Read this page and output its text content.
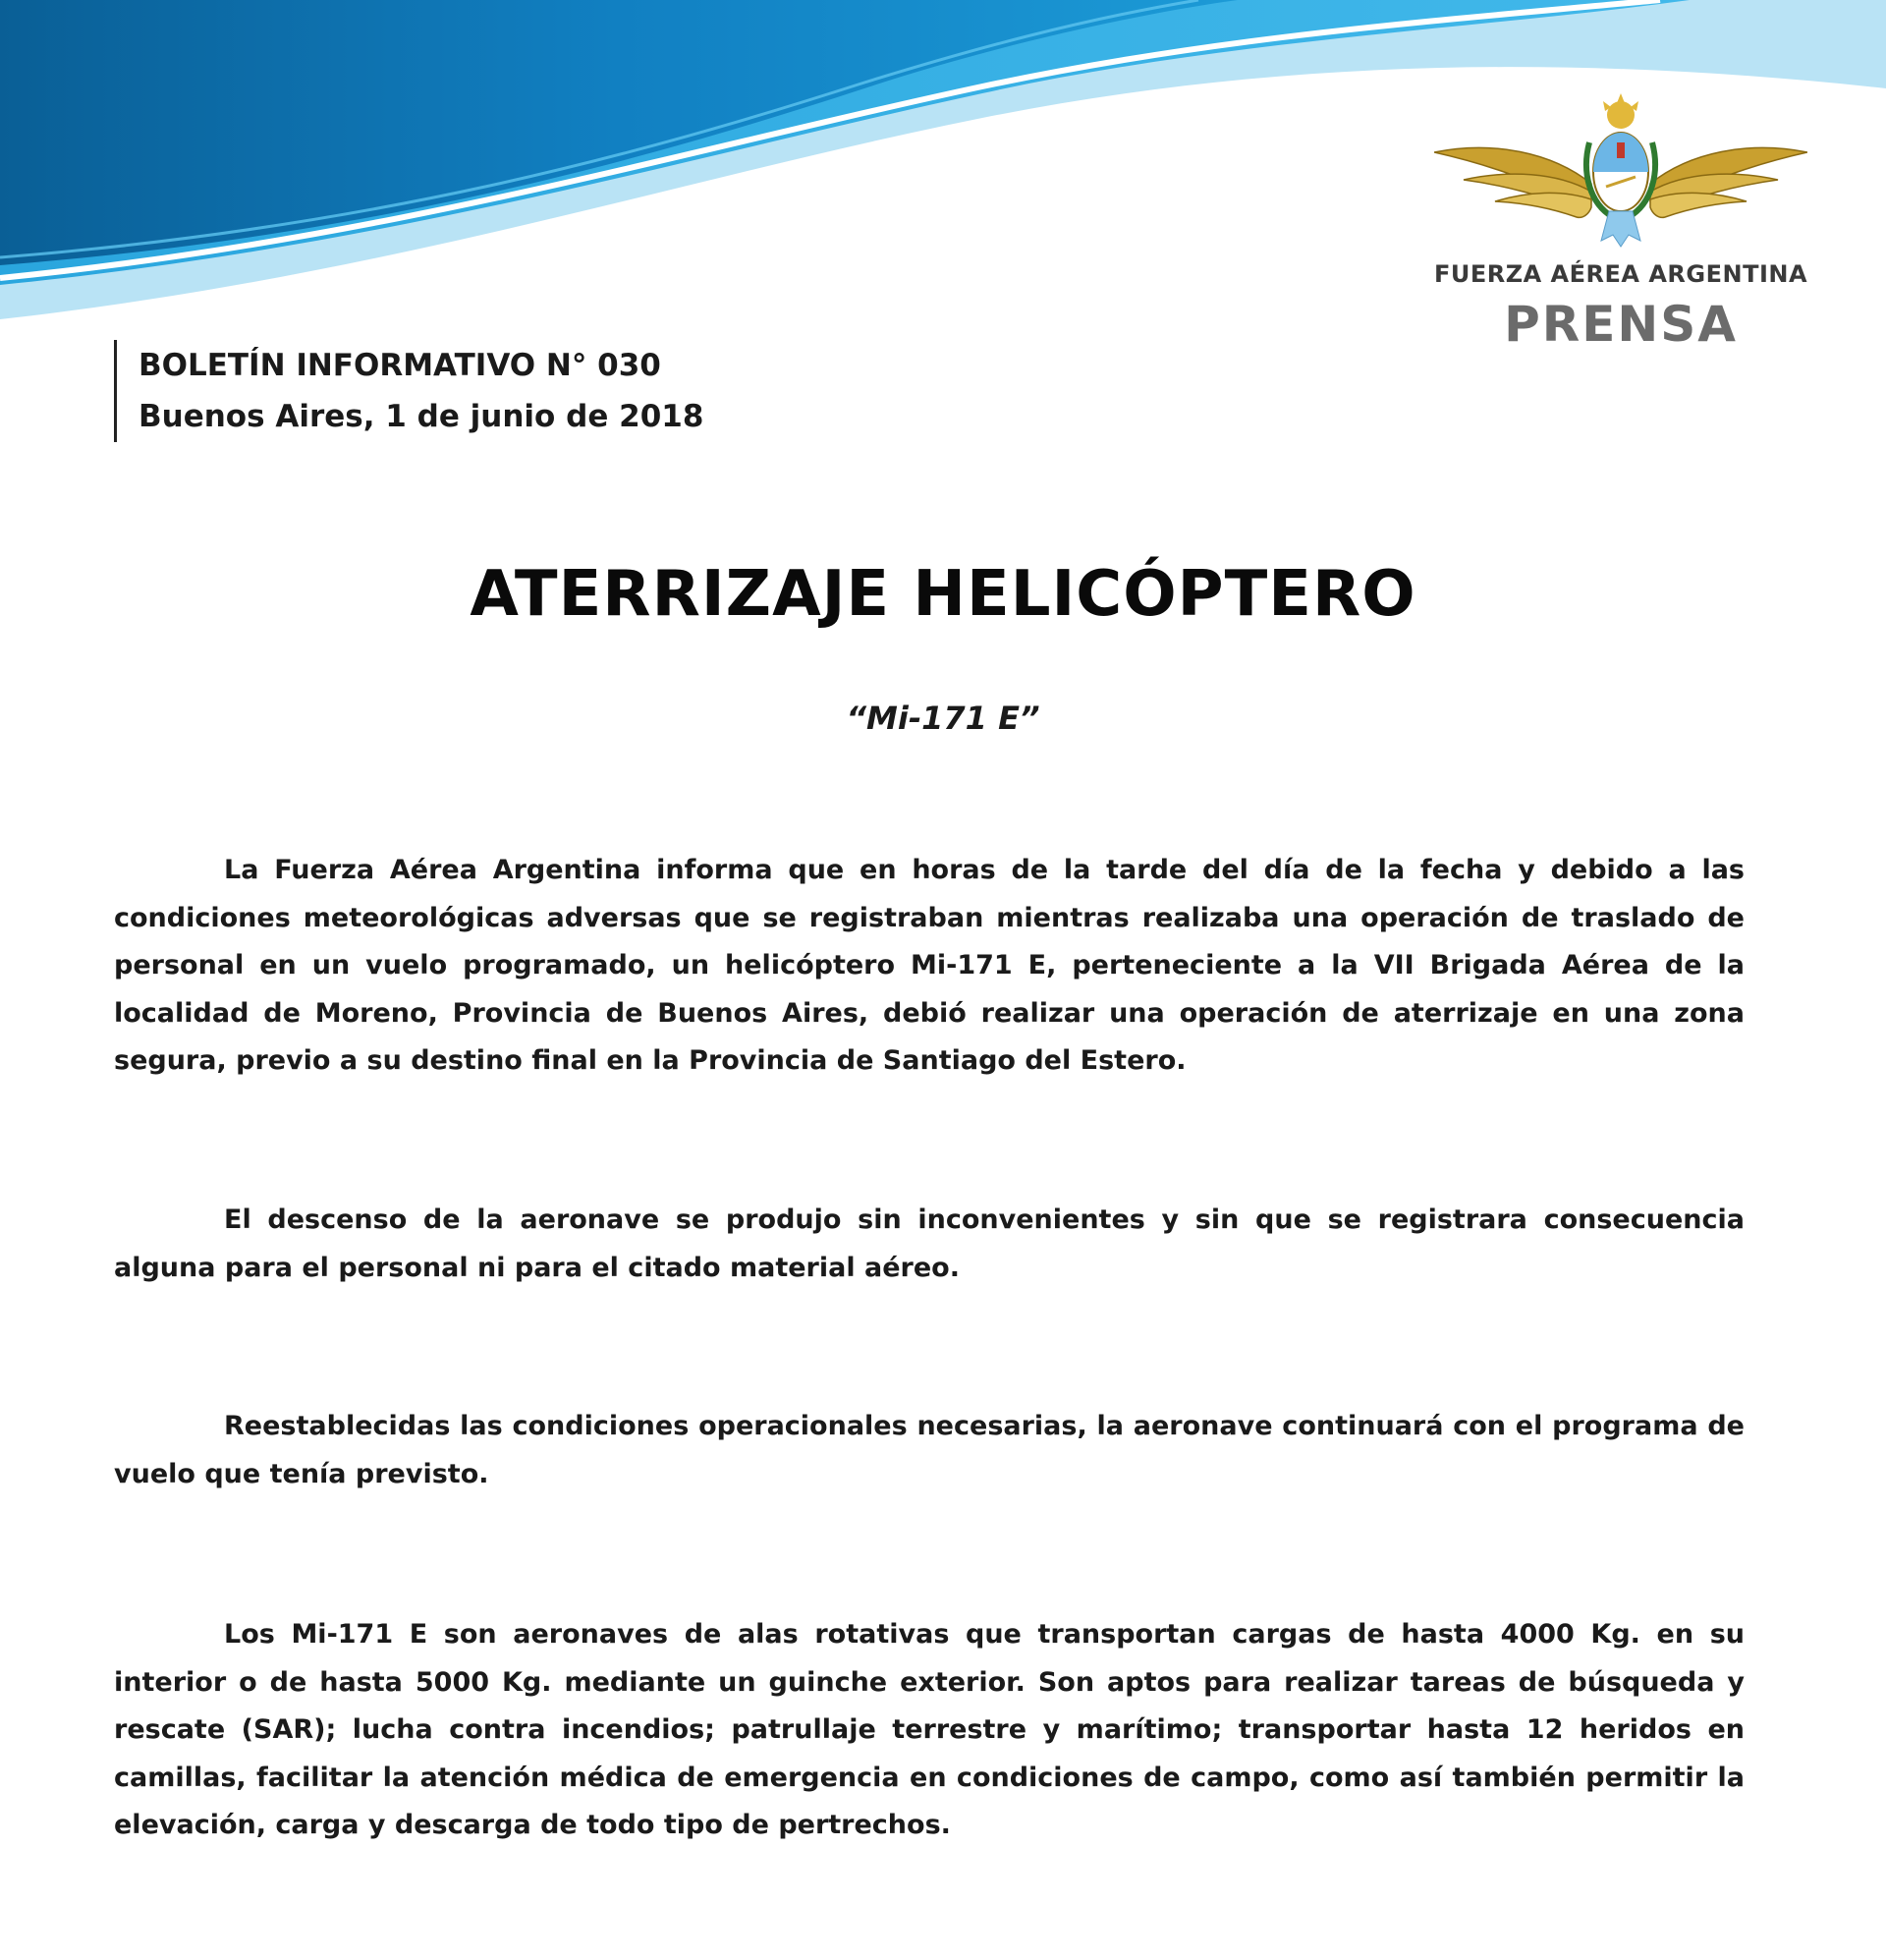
FUERZA AÉREA ARGENTINA
PRENSA
BOLETÍN INFORMATIVO N° 030
Buenos Aires, 1 de junio de 2018
ATERRIZAJE HELICÓPTERO
“Mi-171 E”

La Fuerza Aérea Argentina informa que en horas de la tarde del día de la fecha y debido a las condiciones meteorológicas adversas que se registraban mientras realizaba una operación de traslado de personal en un vuelo programado, un helicóptero Mi-171 E, perteneciente a la VII Brigada Aérea de la localidad de Moreno, Provincia de Buenos Aires, debió realizar una operación de aterrizaje en una zona segura, previo a su destino final en la Provincia de Santiago del Estero.

El descenso de la aeronave se produjo sin inconvenientes y sin que se registrara consecuencia alguna para el personal ni para el citado material aéreo.

Reestablecidas las condiciones operacionales necesarias, la aeronave continuará con el programa de vuelo que tenía previsto.

Los Mi-171 E son aeronaves de alas rotativas que transportan cargas de hasta 4000 Kg. en su interior o de hasta 5000 Kg. mediante un guinche exterior. Son aptos para realizar tareas de búsqueda y rescate (SAR); lucha contra incendios; patrullaje terrestre y marítimo; transportar hasta 12 heridos en camillas, facilitar la atención médica de emergencia en condiciones de campo, como así también permitir la elevación, carga y descarga de todo tipo de pertrechos.
